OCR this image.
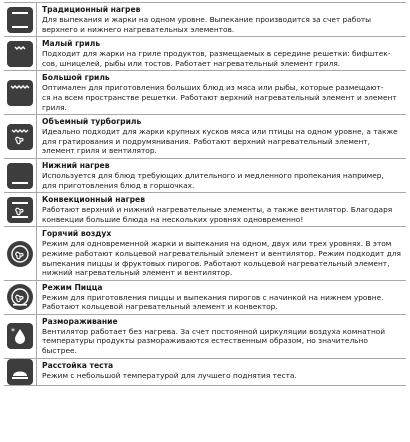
Традиционный нагрев
Для выпекания и жарки на одном уровне. Выпекание производится за счет работы
верхнего и нижнего нагревательных элементов.
Малый гриль
Подходит для жарки на гриле продуктов, размещаемых в середине решетки: бифштек-
сов, шницелей, рыбы или тостов. Работает нагревательный элемент гриля.
Большой гриль
Оптимален для приготовления больших блюд из мяса или рыбы, которые размещают-
ся на всем пространстве решетки. Работают верхний нагревательный элемент и элемент
гриля.
Объемный турбогриль
Идеально подходит для жарки крупных кусков мяса или птицы на одном уровне, а также
для гратирования и подрумянивания. Работают верхний нагревательный элемент,
элемент гриля и вентилятор.
Нижний нагрев
Используется для блюд требующих длительного и медленного пропекания например,
для приготовления блюд в горшочках.
Конвекционный нагрев
Работают верхний и нижний нагревательные элементы, а также вентилятор. Благодаря
конвекции большие блюда на нескольких уровнях одновременно!
Горячий воздух
Режим для одновременной жарки и выпекания на одном, двух или трех уровнях. В этом
режиме работают кольцевой нагревательный элемент и вентилятор. Режим подходит для
выпекания пиццы и фруктовых пирогов. Работают кольцевой нагревательный элемент,
нижний нагревательный элемент и вентилятор.
Режим Пицца
Режим для приготовления пиццы и выпекания пирогов с начинкой на нижнем уровне.
Работают кольцевой нагревательный элемент и конвектор.
*
Размораживание
Вентилятор работает без нагрева. За счет постоянной циркуляции воздуха комнатной
температуры продукты размораживаются естественным образом, но значительно
быстрее.
Расстойка теста
Режим с небольшой температурой для лучшего поднятия теста.
